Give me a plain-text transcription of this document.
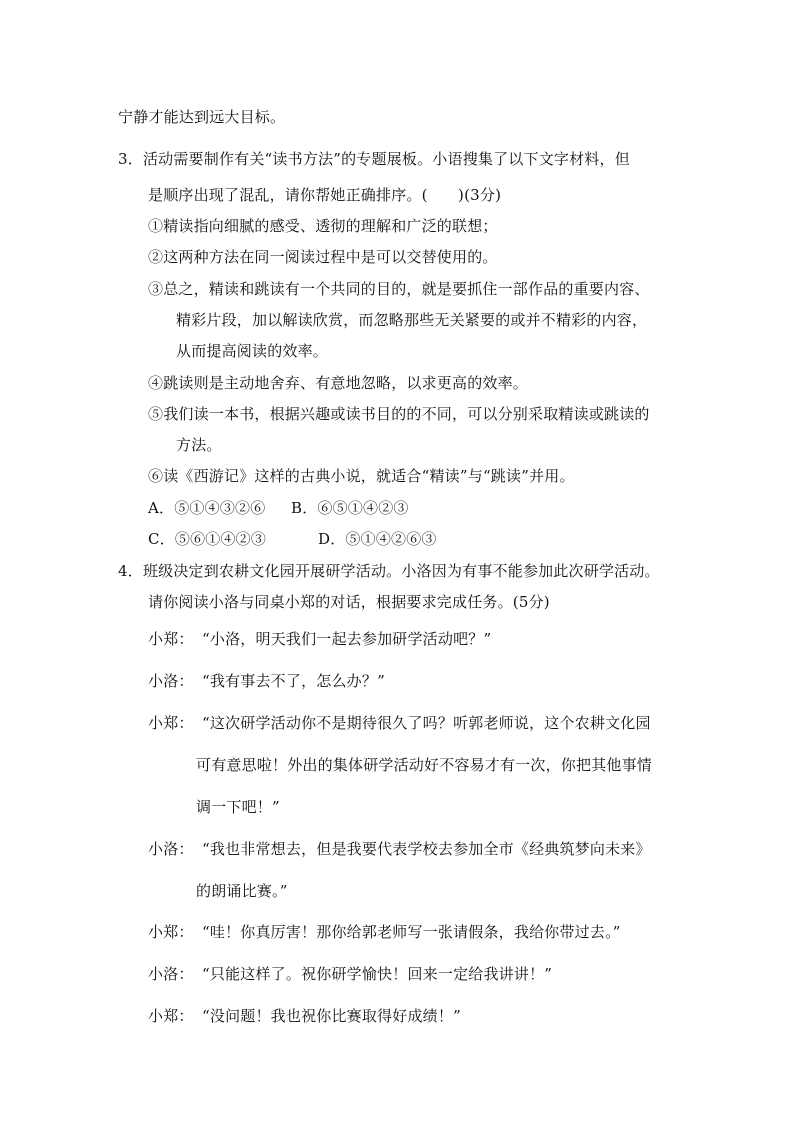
宁静才能达到远大目标。
3．活动需要制作有关“读书方法”的专题展板。小语搜集了以下文字材料，但
是顺序出现了混乱，请你帮她正确排序。(　　)(3分)
①精读指向细腻的感受、透彻的理解和广泛的联想；
②这两种方法在同一阅读过程中是可以交替使用的。
③总之，精读和跳读有一个共同的目的，就是要抓住一部作品的重要内容、
精彩片段，加以解读欣赏，而忽略那些无关紧要的或并不精彩的内容，
从而提高阅读的效率。
④跳读则是主动地舍弃、有意地忽略，以求更高的效率。
⑤我们读一本书，根据兴趣或读书目的的不同，可以分别采取精读或跳读的
方法。
⑥读《西游记》这样的古典小说，就适合“精读”与“跳读”并用。
A．⑤①④③②⑥ B．⑥⑤①④②③
C．⑤⑥①④②③	D．⑤①④②⑥③
4．班级决定到农耕文化园开展研学活动。小洛因为有事不能参加此次研学活动。
请你阅读小洛与同桌小郑的对话，根据要求完成任务。(5分)
小郑： “小洛，明天我们一起去参加研学活动吧？”
小洛： “我有事去不了，怎么办？”
小郑： “这次研学活动你不是期待很久了吗？听郭老师说，这个农耕文化园
可有意思啦！外出的集体研学活动好不容易才有一次，你把其他事情
调一下吧！”
小洛： “我也非常想去，但是我要代表学校去参加全市《经典筑梦向未来》
的朗诵比赛。”
小郑： “哇！你真厉害！那你给郭老师写一张请假条，我给你带过去。”
小洛： “只能这样了。祝你研学愉快！回来一定给我讲讲！”
小郑： “没问题！我也祝你比赛取得好成绩！”
